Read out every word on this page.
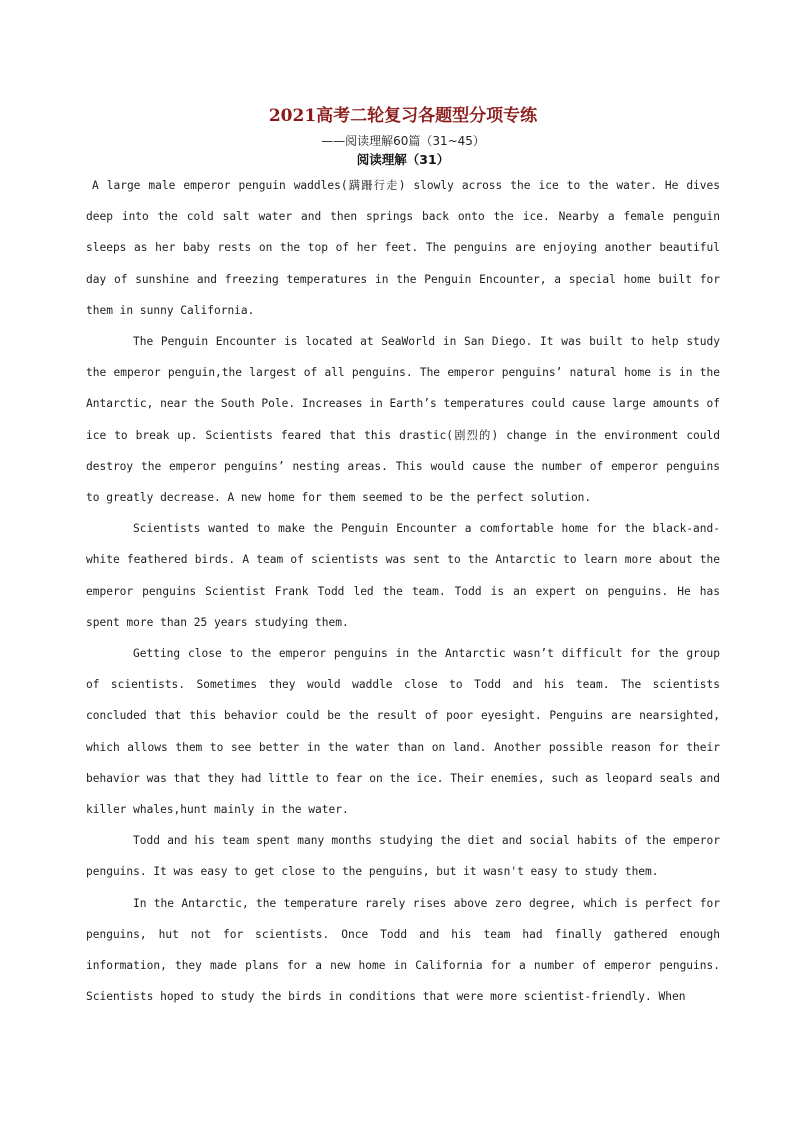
2021高考二轮复习各题型分项专练
——阅读理解60篇（31~45）
阅读理解（31）

A large male emperor penguin waddles(蹒跚行走) slowly across the ice to the water. He dives deep into the cold salt water and then springs back onto the ice. Nearby a female penguin sleeps as her baby rests on the top of her feet. The penguins are enjoying another beautiful day of sunshine and freezing temperatures in the Penguin Encounter, a special home built for them in sunny California.

The Penguin Encounter is located at SeaWorld in San Diego. It was built to help study the emperor penguin,the largest of all penguins. The emperor penguins’ natural home is in the Antarctic, near the South Pole. Increases in Earth’s temperatures could cause large amounts of ice to break up. Scientists feared that this drastic(剧烈的) change in the environment could destroy the emperor penguins’ nesting areas. This would cause the number of emperor penguins to greatly decrease. A new home for them seemed to be the perfect solution.

Scientists wanted to make the Penguin Encounter a comfortable home for the black-and-white feathered birds. A team of scientists was sent to the Antarctic to learn more about the emperor penguins Scientist Frank Todd led the team. Todd is an expert on penguins. He has spent more than 25 years studying them.

Getting close to the emperor penguins in the Antarctic wasn’t difficult for the group of scientists. Sometimes they would waddle close to Todd and his team. The scientists concluded that this behavior could be the result of poor eyesight. Penguins are nearsighted, which allows them to see better in the water than on land. Another possible reason for their behavior was that they had little to fear on the ice. Their enemies, such as leopard seals and killer whales,hunt mainly in the water.

Todd and his team spent many months studying the diet and social habits of the emperor penguins. It was easy to get close to the penguins, but it wasn't easy to study them.

In the Antarctic, the temperature rarely rises above zero degree, which is perfect for penguins, hut not for scientists. Once Todd and his team had finally gathered enough information, they made plans for a new home in California for a number of emperor penguins. Scientists hoped to study the birds in conditions that were more scientist-friendly. When
